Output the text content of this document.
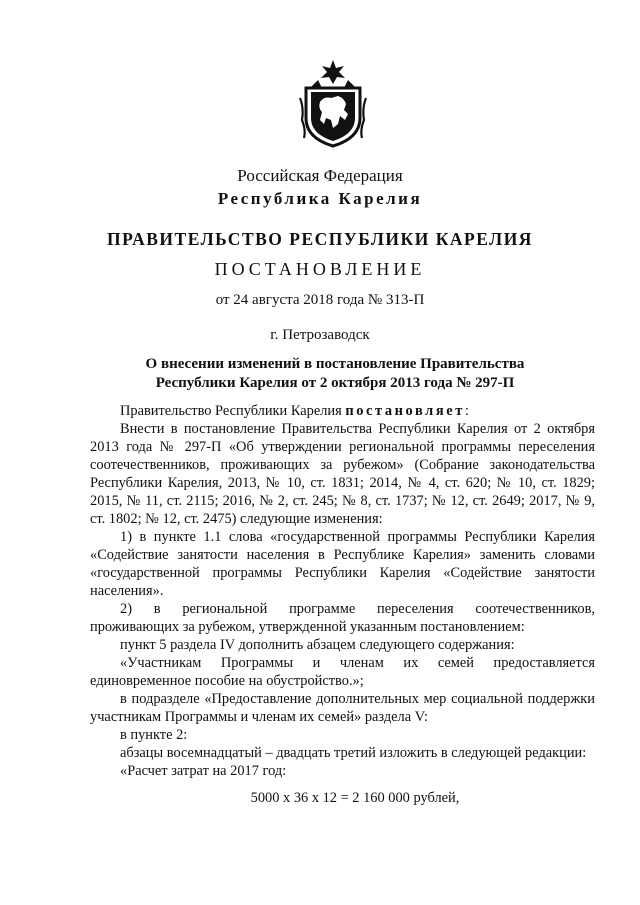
Российская Федерация
Республика Карелия
ПРАВИТЕЛЬСТВО РЕСПУБЛИКИ КАРЕЛИЯ
ПОСТАНОВЛЕНИЕ
от 24 августа 2018 года № 313-П
г. Петрозаводск
О внесении изменений в постановление Правительства
Республики Карелия от 2 октября 2013 года № 297-П

Правительство Республики Карелия постановляет:

Внести в постановление Правительства Республики Карелия от 2 октября 2013 года № 297-П «Об утверждении региональной программы переселения соотечественников, проживающих за рубежом» (Собрание законодательства Республики Карелия, 2013, № 10, ст. 1831; 2014, № 4, ст. 620; № 10, ст. 1829; 2015, № 11, ст. 2115; 2016, № 2, ст. 245; № 8, ст. 1737; № 12, ст. 2649; 2017, № 9, ст. 1802; № 12, ст. 2475) следующие изменения:

1) в пункте 1.1 слова «государственной программы Республики Карелия «Содействие занятости населения в Республике Карелия» заменить словами «государственной программы Республики Карелия «Содействие занятости населения».

2) в региональной программе переселения соотечественников, проживающих за рубежом, утвержденной указанным постановлением:

пункт 5 раздела IV дополнить абзацем следующего содержания:

«Участникам Программы и членам их семей предоставляется единовременное пособие на обустройство.»;

в подразделе «Предоставление дополнительных мер социальной поддержки участникам Программы и членам их семей» раздела V:

в пункте 2:

абзацы восемнадцатый – двадцать третий изложить в следующей редакции:

«Расчет затрат на 2017 год:

5000 х 36 х 12 = 2 160 000 рублей,
